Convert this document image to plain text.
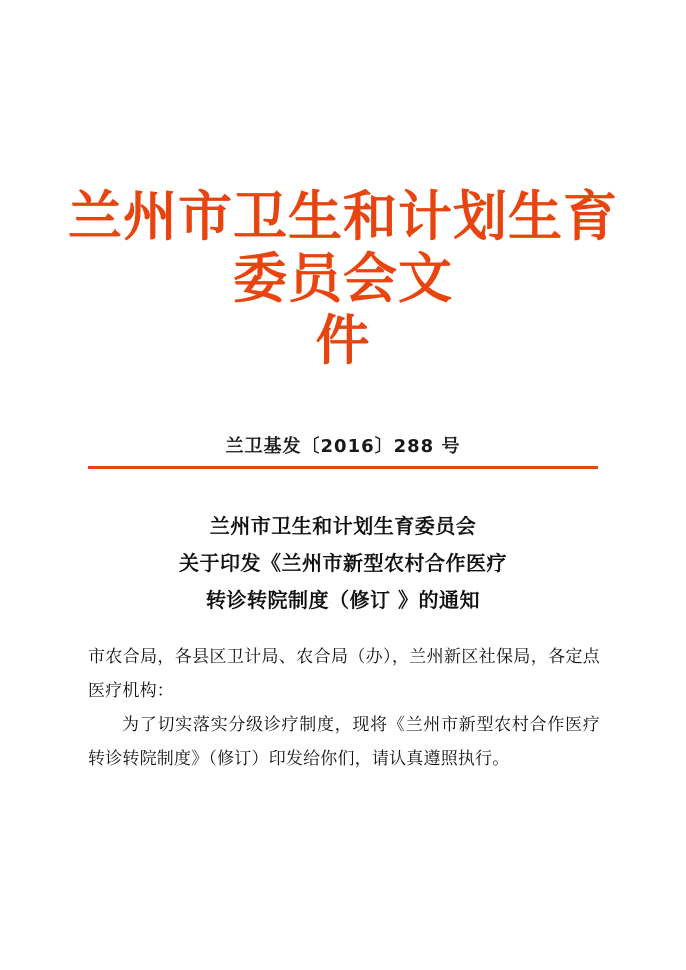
兰州市卫生和计划生育委员会文
件
兰卫基发〔2016〕288 号
兰州市卫生和计划生育委员会
关于印发《兰州市新型农村合作医疗
转诊转院制度（修订 》的通知

市农合局，各县区卫计局、农合局（办），兰州新区社保局，各定点医疗机构：

为了切实落实分级诊疗制度，现将《兰州市新型农村合作医疗转诊转院制度》（修订）印发给你们，请认真遵照执行。
